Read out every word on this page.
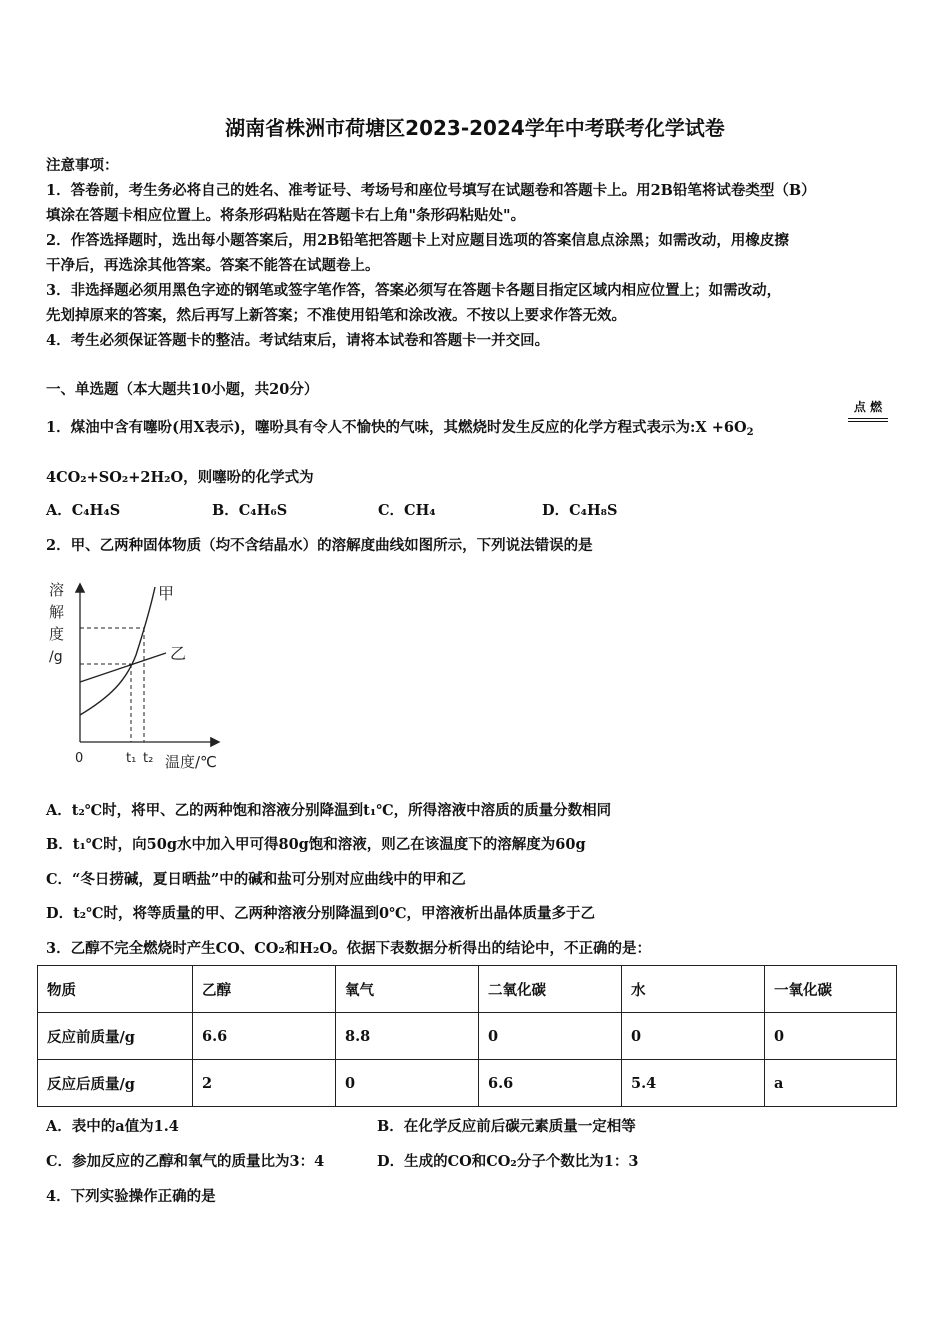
湖南省株洲市荷塘区2023-2024学年中考联考化学试卷
注意事项：
1．答卷前，考生务必将自己的姓名、准考证号、考场号和座位号填写在试题卷和答题卡上。用2B铅笔将试卷类型（B）
填涂在答题卡相应位置上。将条形码粘贴在答题卡右上角"条形码粘贴处"。
2．作答选择题时，选出每小题答案后，用2B铅笔把答题卡上对应题目选项的答案信息点涂黑；如需改动，用橡皮擦
干净后，再选涂其他答案。答案不能答在试题卷上。
3．非选择题必须用黑色字迹的钢笔或签字笔作答，答案必须写在答题卡各题目指定区域内相应位置上；如需改动，
先划掉原来的答案，然后再写上新答案；不准使用铅笔和涂改液。不按以上要求作答无效。
4．考生必须保证答题卡的整洁。考试结束后，请将本试卷和答题卡一并交回。
一、单选题（本大题共10小题，共20分）
1．煤油中含有噻吩(用X表示)，噻吩具有令人不愉快的气味，其燃烧时发生反应的化学方程式表示为:X $+6O_2$
点 燃
4CO₂+SO₂+2H₂O，则噻吩的化学式为
A．C₄H₄S	B．C₄H₆S	C．CH₄	D．C₄H₈S
2．甲、乙两种固体物质（均不含结晶水）的溶解度曲线如图所示，下列说法错误的是
溶
解
度
/g
甲
乙
0	t₁ t₂ 温度/℃
A．t₂℃时，将甲、乙的两种饱和溶液分别降温到t₁℃，所得溶液中溶质的质量分数相同
B．t₁℃时，向50g水中加入甲可得80g饱和溶液，则乙在该温度下的溶解度为60g
C．“冬日捞碱，夏日晒盐”中的碱和盐可分别对应曲线中的甲和乙
D．t₂℃时，将等质量的甲、乙两种溶液分别降温到0℃，甲溶液析出晶体质量多于乙
3．乙醇不完全燃烧时产生CO、CO₂和H₂O。依据下表数据分析得出的结论中，不正确的是：
物质	乙醇	氧气	二氧化碳	水	一氧化碳
反应前质量/g	6.6	8.8	0	0	0
反应后质量/g	2	0	6.6	5.4	a
A．表中的a值为1.4	B．在化学反应前后碳元素质量一定相等
C．参加反应的乙醇和氧气的质量比为3：4	D．生成的CO和CO₂分子个数比为1：3
4．下列实验操作正确的是
